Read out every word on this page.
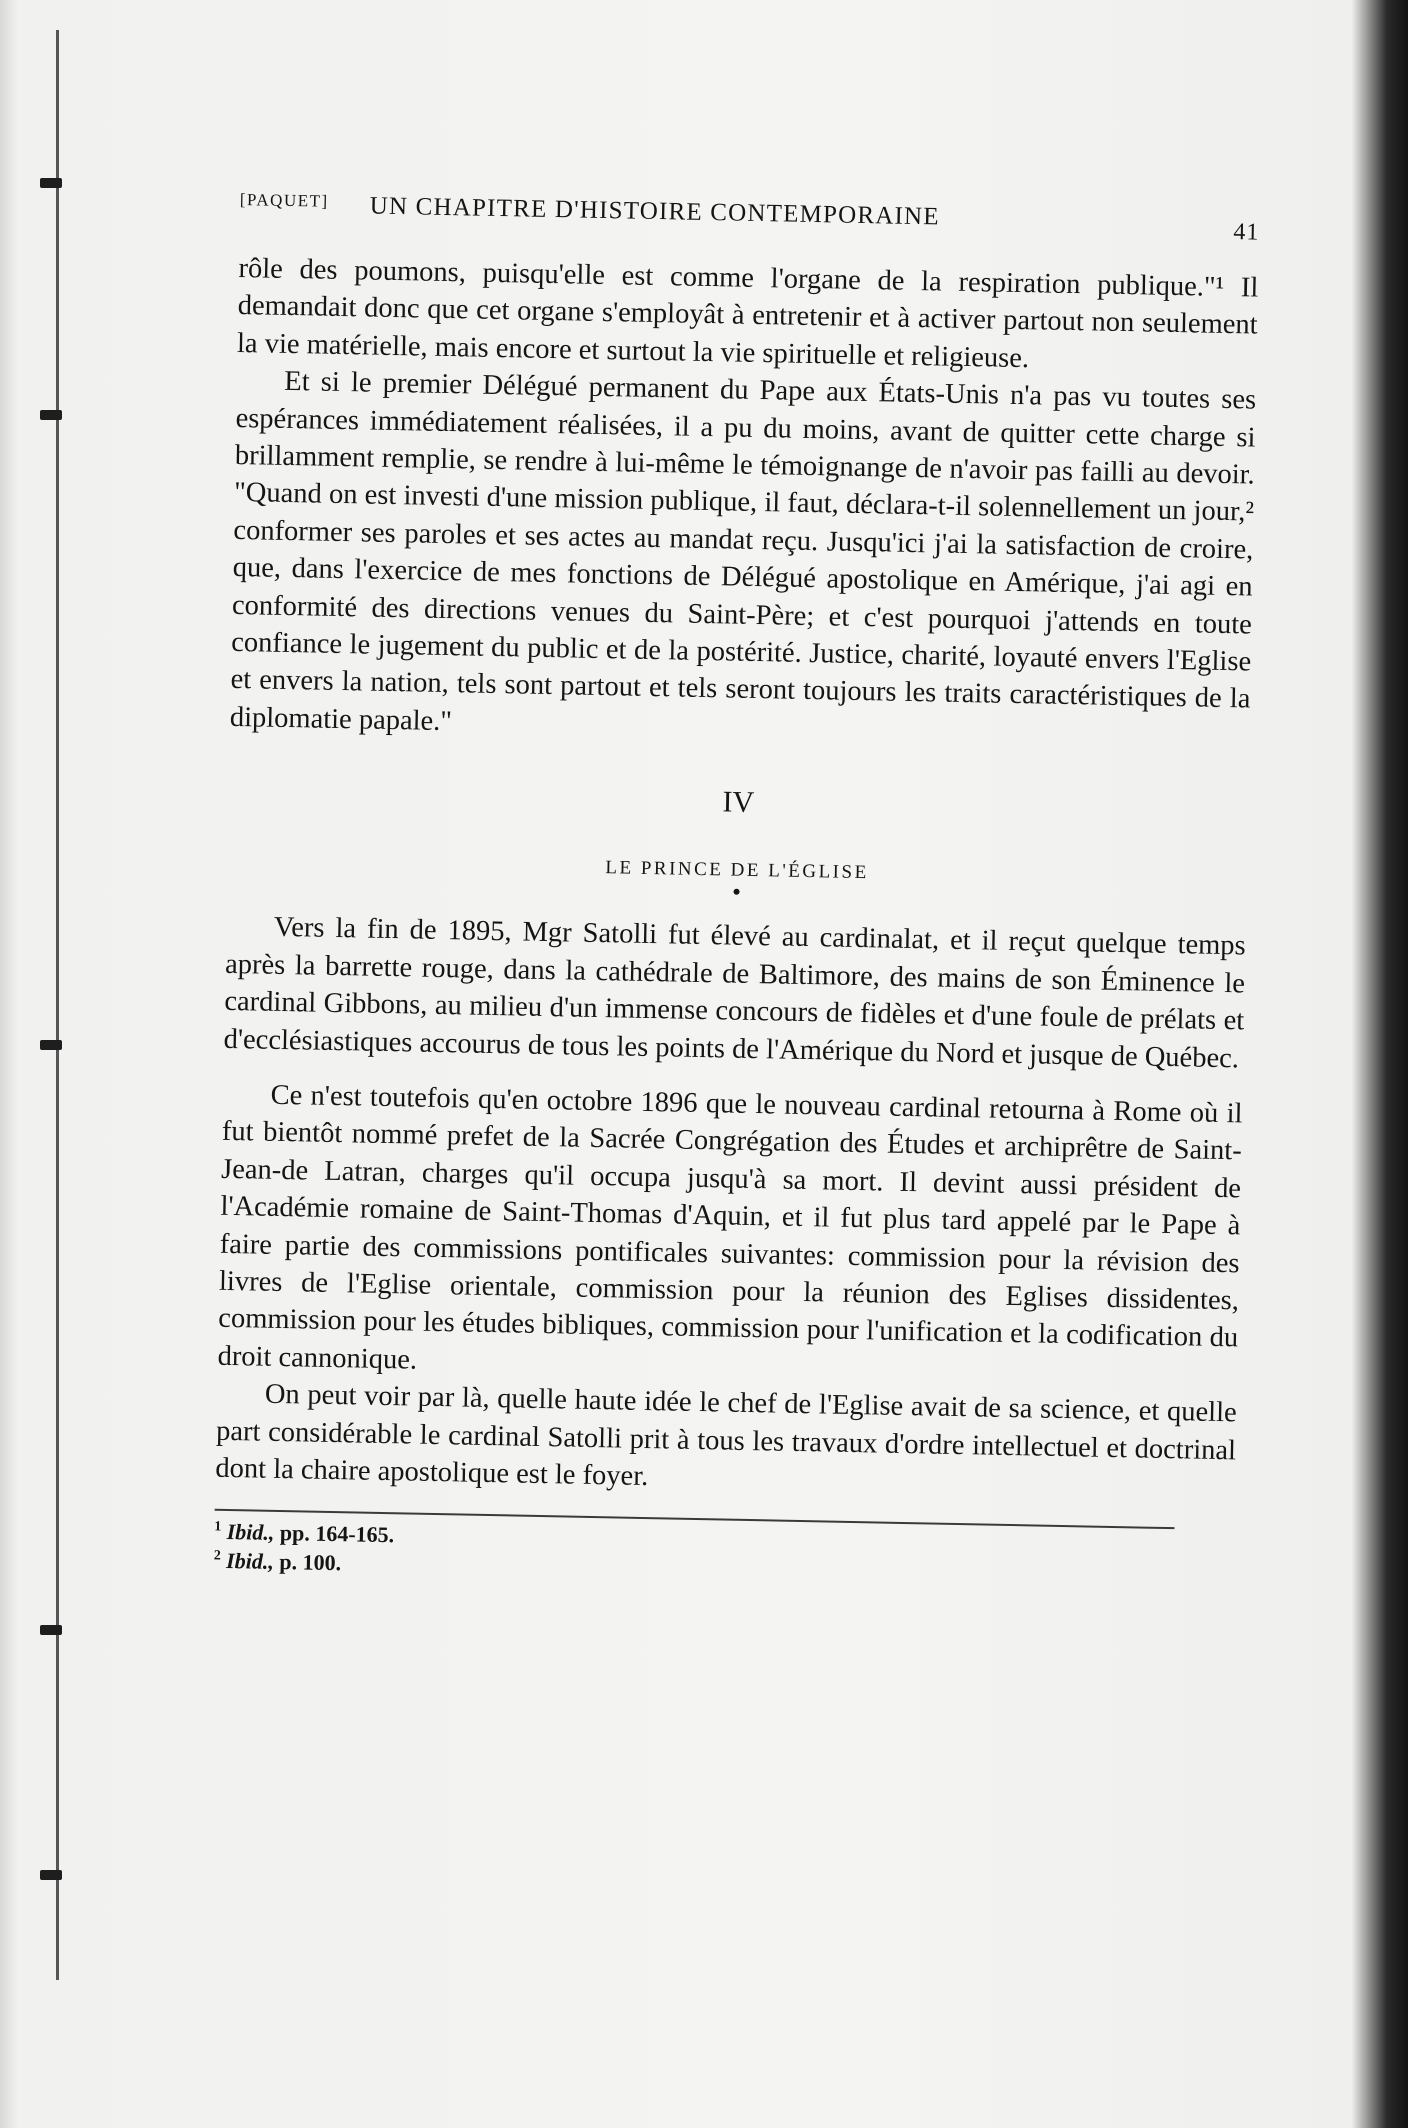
[PAQUET] UN CHAPITRE D'HISTOIRE CONTEMPORAINE
41

rôle des poumons, puisqu'elle est comme l'organe de la respiration publique."¹ Il demandait donc que cet organe s'employât à entretenir et à activer partout non seulement la vie matérielle, mais encore et surtout la vie spirituelle et religieuse.

Et si le premier Délégué permanent du Pape aux États-Unis n'a pas vu toutes ses espérances immédiatement réalisées, il a pu du moins, avant de quitter cette charge si brillamment remplie, se rendre à lui-même le témoignange de n'avoir pas failli au devoir. "Quand on est investi d'une mission publique, il faut, déclara-t-il solennellement un jour,² conformer ses paroles et ses actes au mandat reçu. Jusqu'ici j'ai la satisfaction de croire, que, dans l'exercice de mes fonctions de Délégué apostolique en Amérique, j'ai agi en conformité des directions venues du Saint-Père; et c'est pourquoi j'attends en toute confiance le jugement du public et de la postérité. Justice, charité, loyauté envers l'Eglise et envers la nation, tels sont partout et tels seront toujours les traits caractéristiques de la diplomatie papale."

IV
LE PRINCE DE L'ÉGLISE
●

Vers la fin de 1895, Mgr Satolli fut élevé au cardinalat, et il reçut quelque temps après la barrette rouge, dans la cathédrale de Baltimore, des mains de son Éminence le cardinal Gibbons, au milieu d'un immense concours de fidèles et d'une foule de prélats et d'ecclésiastiques accourus de tous les points de l'Amérique du Nord et jusque de Québec.

Ce n'est toutefois qu'en octobre 1896 que le nouveau cardinal retourna à Rome où il fut bientôt nommé prefet de la Sacrée Congrégation des Études et archiprêtre de Saint-Jean-de Latran, charges qu'il occupa jusqu'à sa mort. Il devint aussi président de l'Académie romaine de Saint-Thomas d'Aquin, et il fut plus tard appelé par le Pape à faire partie des commissions pontificales suivantes: commission pour la révision des livres de l'Eglise orientale, commission pour la réunion des Eglises dissidentes, commission pour les études bibliques, commission pour l'unification et la codification du droit cannonique.

On peut voir par là, quelle haute idée le chef de l'Eglise avait de sa science, et quelle part considérable le cardinal Satolli prit à tous les travaux d'ordre intellectuel et doctrinal dont la chaire apostolique est le foyer.

$^1$ Ibid., pp. 164-165.
$^2$ Ibid., p. 100.
